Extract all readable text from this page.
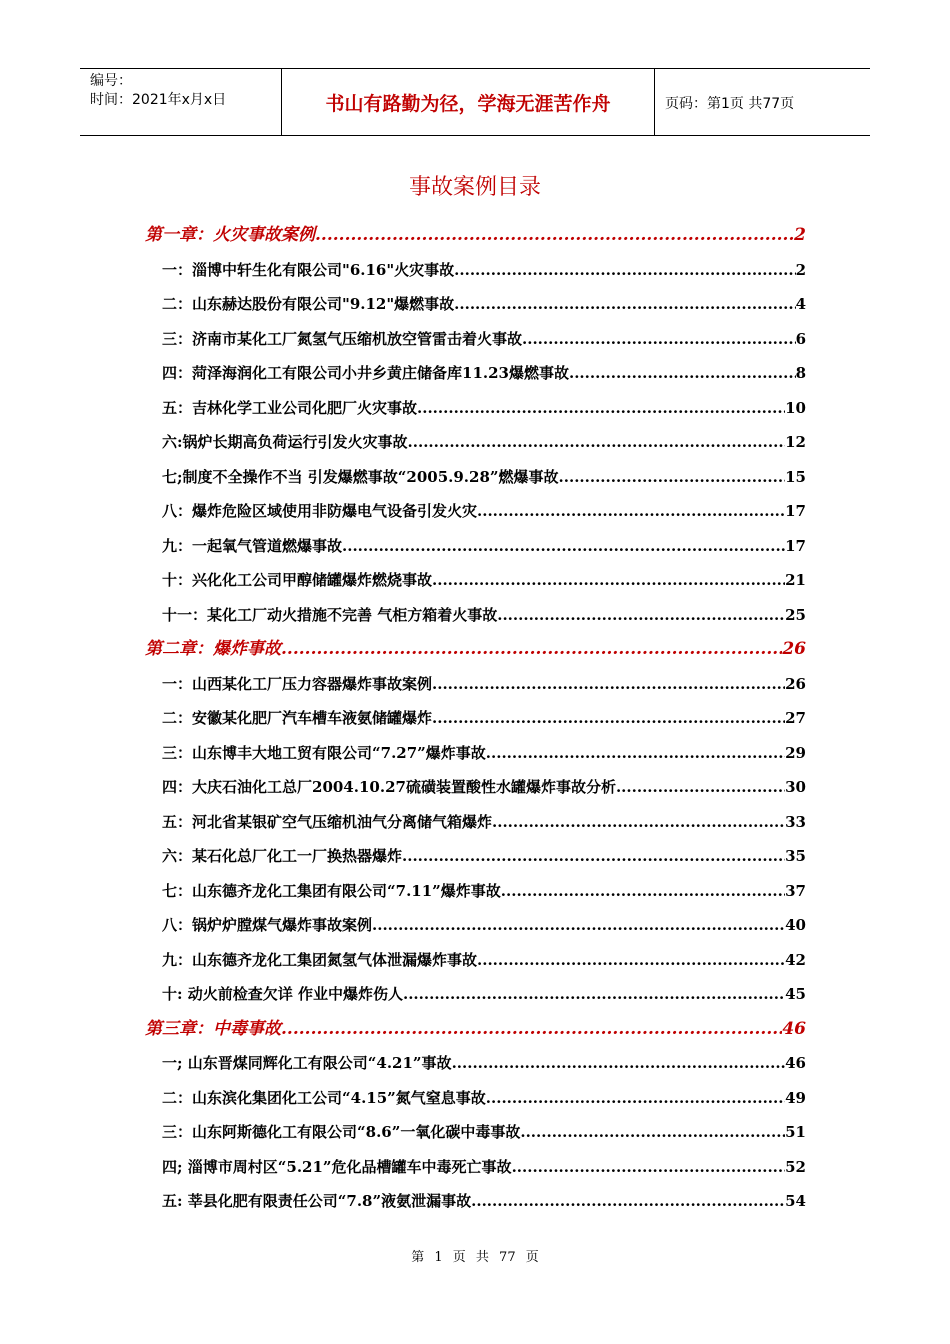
编号：
时间：2021年x月x日	书山有路勤为径，学海无涯苦作舟	页码：第1页 共77页
事故案例目录
第一章：火灾事故案例 .....	2
一：淄博中轩生化有限公司"6.16"火灾事故 .....	2
二：山东赫达股份有限公司"9.12"爆燃事故 .....	4
三：济南市某化工厂氮氢气压缩机放空管雷击着火事故 .....	6
四：菏泽海润化工有限公司小井乡黄庄储备库11.23爆燃事故 .....	8
五：吉林化学工业公司化肥厂火灾事故 .....	10
六:锅炉长期高负荷运行引发火灾事故 .....	12
七;制度不全操作不当 引发爆燃事故“2005.9.28”燃爆事故 .....	15
八：爆炸危险区域使用非防爆电气设备引发火灾 .....	17
九：一起氧气管道燃爆事故 .....	17
十：兴化化工公司甲醇储罐爆炸燃烧事故 .....	21
十一：某化工厂动火措施不完善 气柜方箱着火事故 .....	25
第二章：爆炸事故 .....	26
一：山西某化工厂压力容器爆炸事故案例 .....	26
二：安徽某化肥厂汽车槽车液氨储罐爆炸 .....	27
三：山东博丰大地工贸有限公司“7.27”爆炸事故 .....	29
四：大庆石油化工总厂2004.10.27硫磺装置酸性水罐爆炸事故分析 .....	30
五：河北省某银矿空气压缩机油气分离储气箱爆炸 .....	33
六：某石化总厂化工一厂换热器爆炸 .....	35
七：山东德齐龙化工集团有限公司“7.11”爆炸事故 .....	37
八：锅炉炉膛煤气爆炸事故案例 .....	40
九：山东德齐龙化工集团氮氢气体泄漏爆炸事故 .....	42
十: 动火前检查欠详 作业中爆炸伤人 .....	45
第三章：中毒事故 .....	46
一; 山东晋煤同辉化工有限公司“4.21”事故 .....	46
二：山东滨化集团化工公司“4.15”氮气窒息事故 .....	49
三：山东阿斯德化工有限公司“8.6”一氧化碳中毒事故 .....	51
四; 淄博市周村区“5.21”危化品槽罐车中毒死亡事故 .....	52
五: 莘县化肥有限责任公司“7.8”液氨泄漏事故 .....	54
第 1 页 共 77 页
